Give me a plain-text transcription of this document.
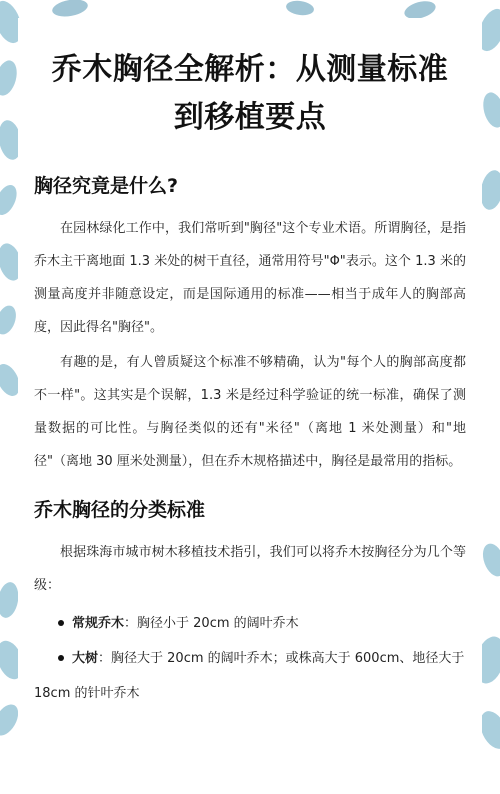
乔木胸径全解析：从测量标准
到移植要点
胸径究竟是什么?

在园林绿化工作中，我们常听到"胸径"这个专业术语。所谓胸径，是指乔木主干离地面 1.3 米处的树干直径，通常用符号"Φ"表示。这个 1.3 米的测量高度并非随意设定，而是国际通用的标准——相当于成年人的胸部高度，因此得名"胸径"。

有趣的是，有人曾质疑这个标准不够精确，认为"每个人的胸部高度都不一样"。这其实是个误解，1.3 米是经过科学验证的统一标准，确保了测量数据的可比性。与胸径类似的还有"米径"（离地 1 米处测量）和"地径"（离地 30 厘米处测量），但在乔木规格描述中，胸径是最常用的指标。

乔木胸径的分类标准

根据珠海市城市树木移植技术指引，我们可以将乔木按胸径分为几个等级：

常规乔木：胸径小于 20cm 的阔叶乔木
大树：胸径大于 20cm 的阔叶乔木；或株高大于 600cm、地径大于
18cm 的针叶乔木
